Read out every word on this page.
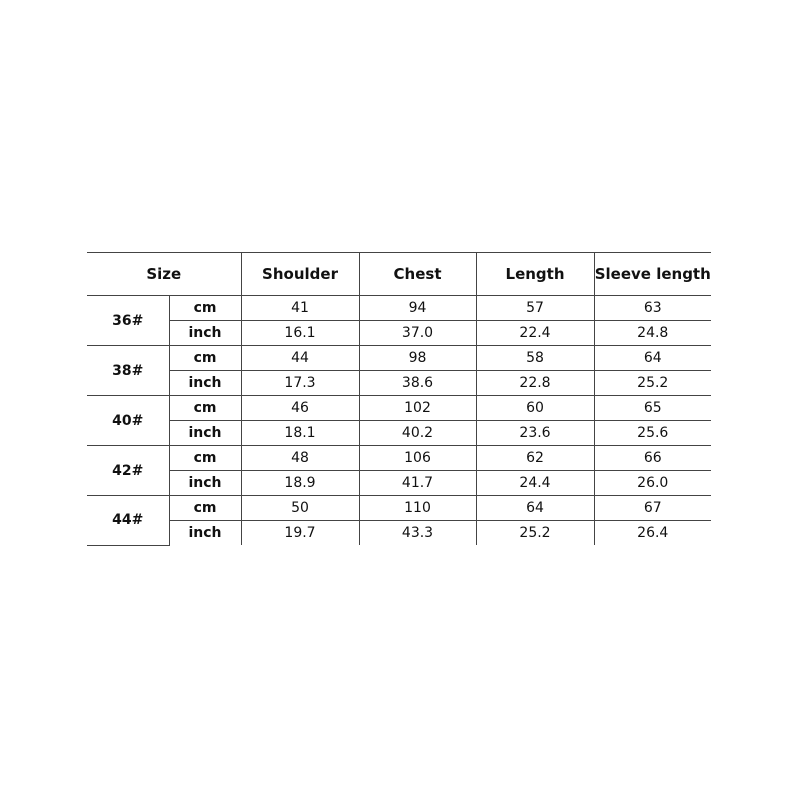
Size		Shoulder	Chest	Length	Sleeve length
36#	cm	41	94	57	63
	inch	16.1	37.0	22.4	24.8
38#	cm	44	98	58	64
	inch	17.3	38.6	22.8	25.2
40#	cm	46	102	60	65
	inch	18.1	40.2	23.6	25.6
42#	cm	48	106	62	66
	inch	18.9	41.7	24.4	26.0
44#	cm	50	110	64	67
	inch	19.7	43.3	25.2	26.4
